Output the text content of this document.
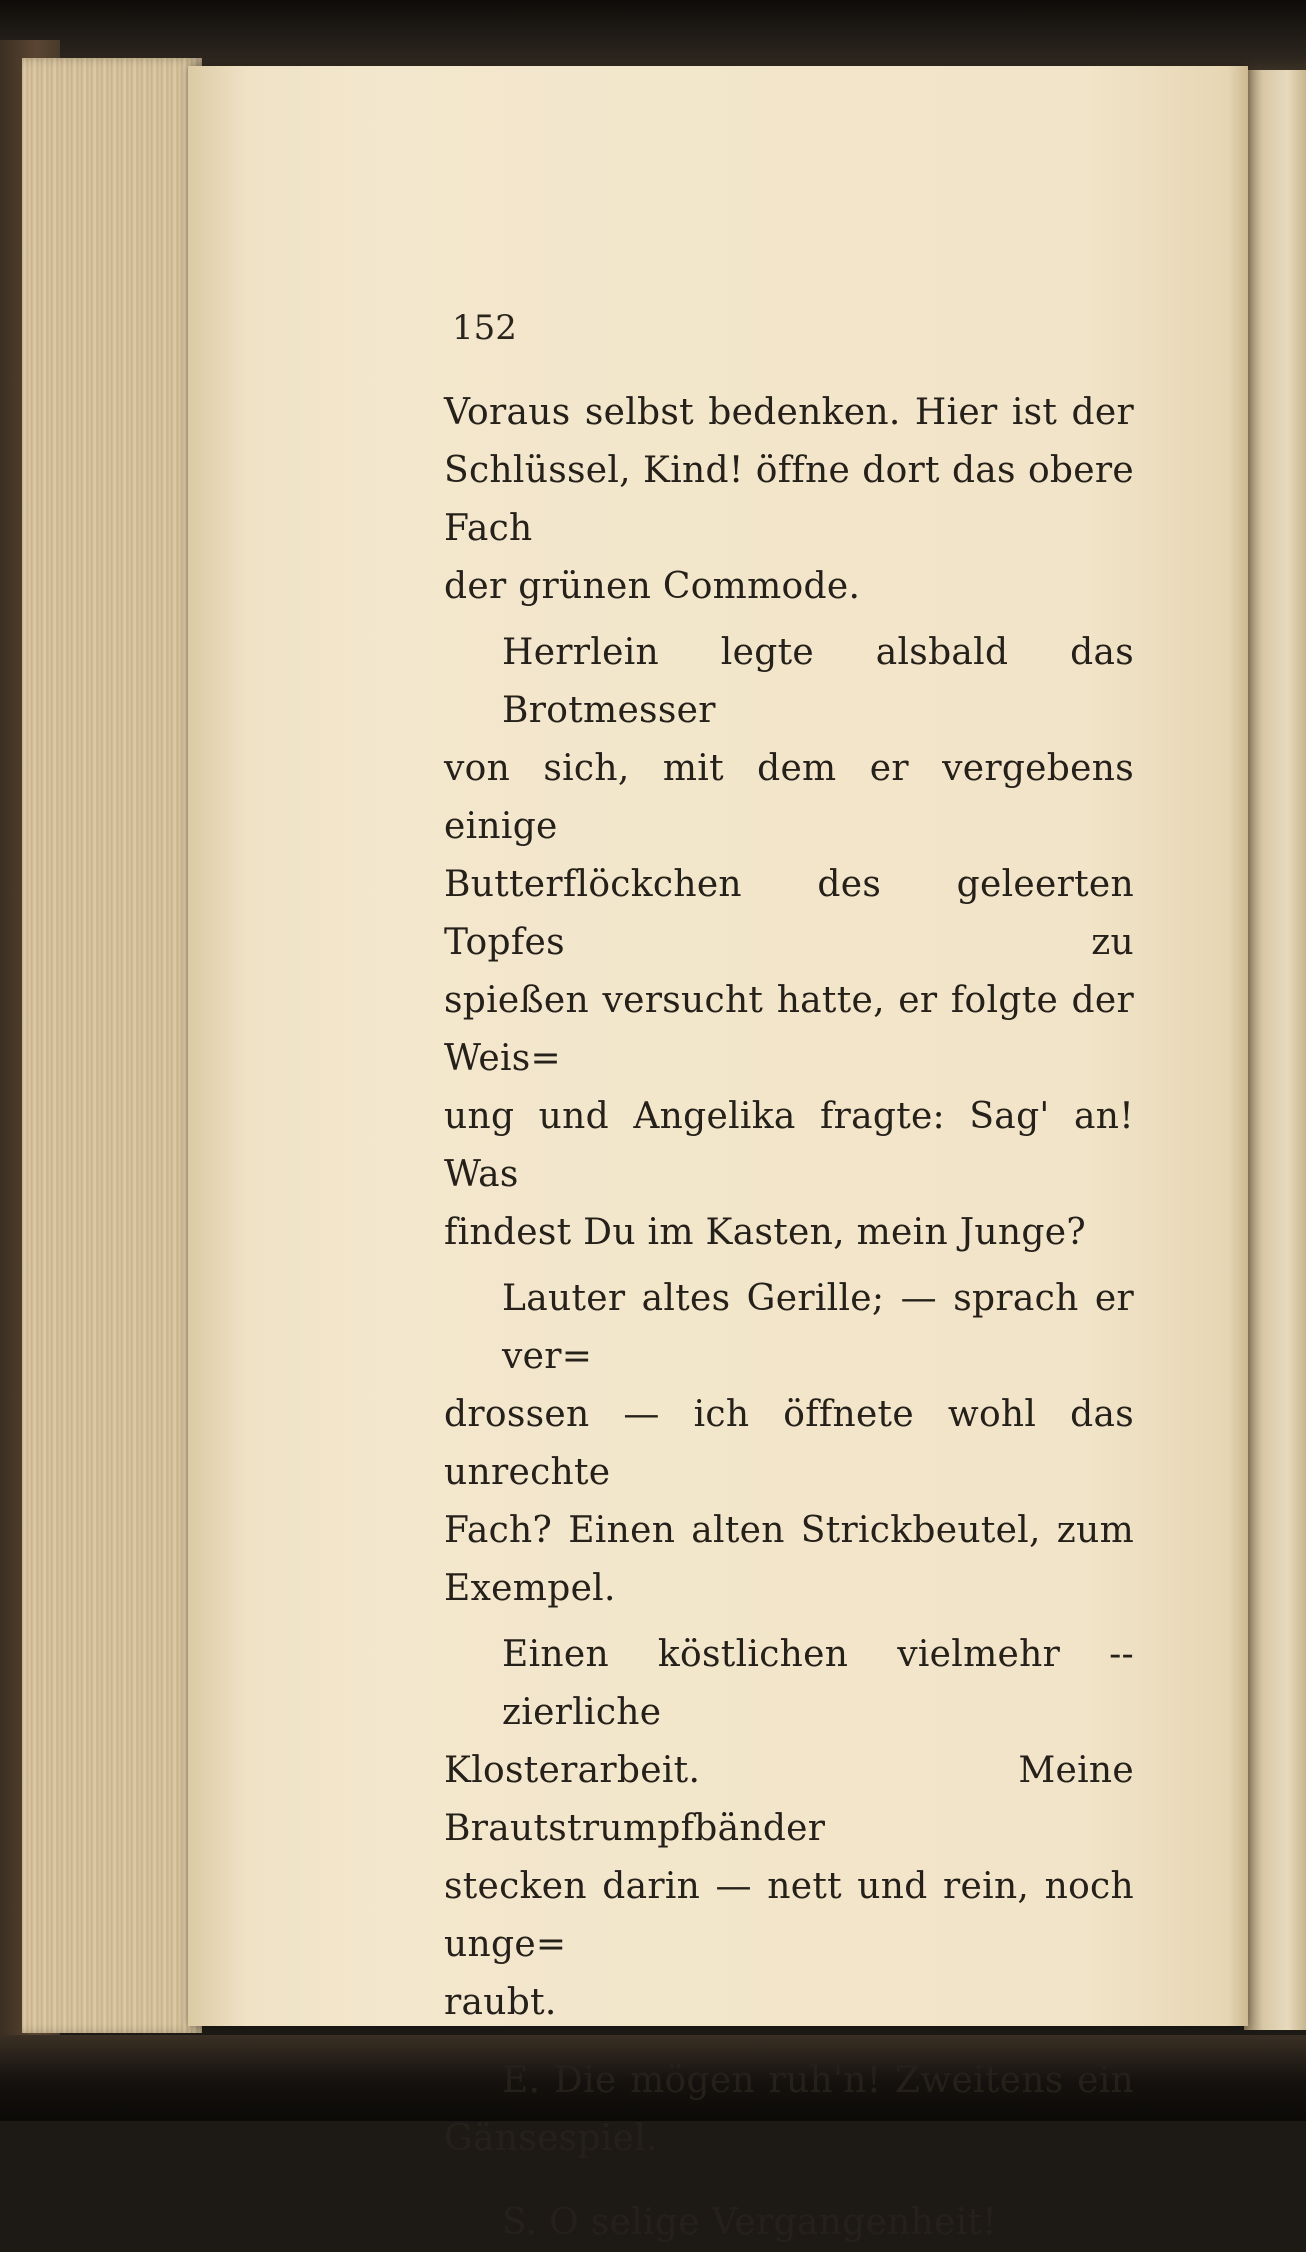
152

Voraus selbst bedenken. Hier ist der
Schlüssel, Kind! öffne dort das obere Fach
der grünen Commode.

Herrlein legte alsbald das Brotmesser
von sich, mit dem er vergebens einige
Butterflöckchen des geleerten Topfes zu
spießen versucht hatte, er folgte der Weis=
ung und Angelika fragte: Sag' an! Was
findest Du im Kasten, mein Junge?

Lauter altes Gerille; — sprach er ver=
drossen — ich öffnete wohl das unrechte
Fach? Einen alten Strickbeutel, zum
Exempel.

Einen köstlichen vielmehr -- zierliche
Klosterarbeit. Meine Brautstrumpfbänder
stecken darin — nett und rein, noch unge=
raubt.

E. Die mögen ruh'n! Zweitens ein
Gänsespiel.

S. O selige Vergangenheit!
